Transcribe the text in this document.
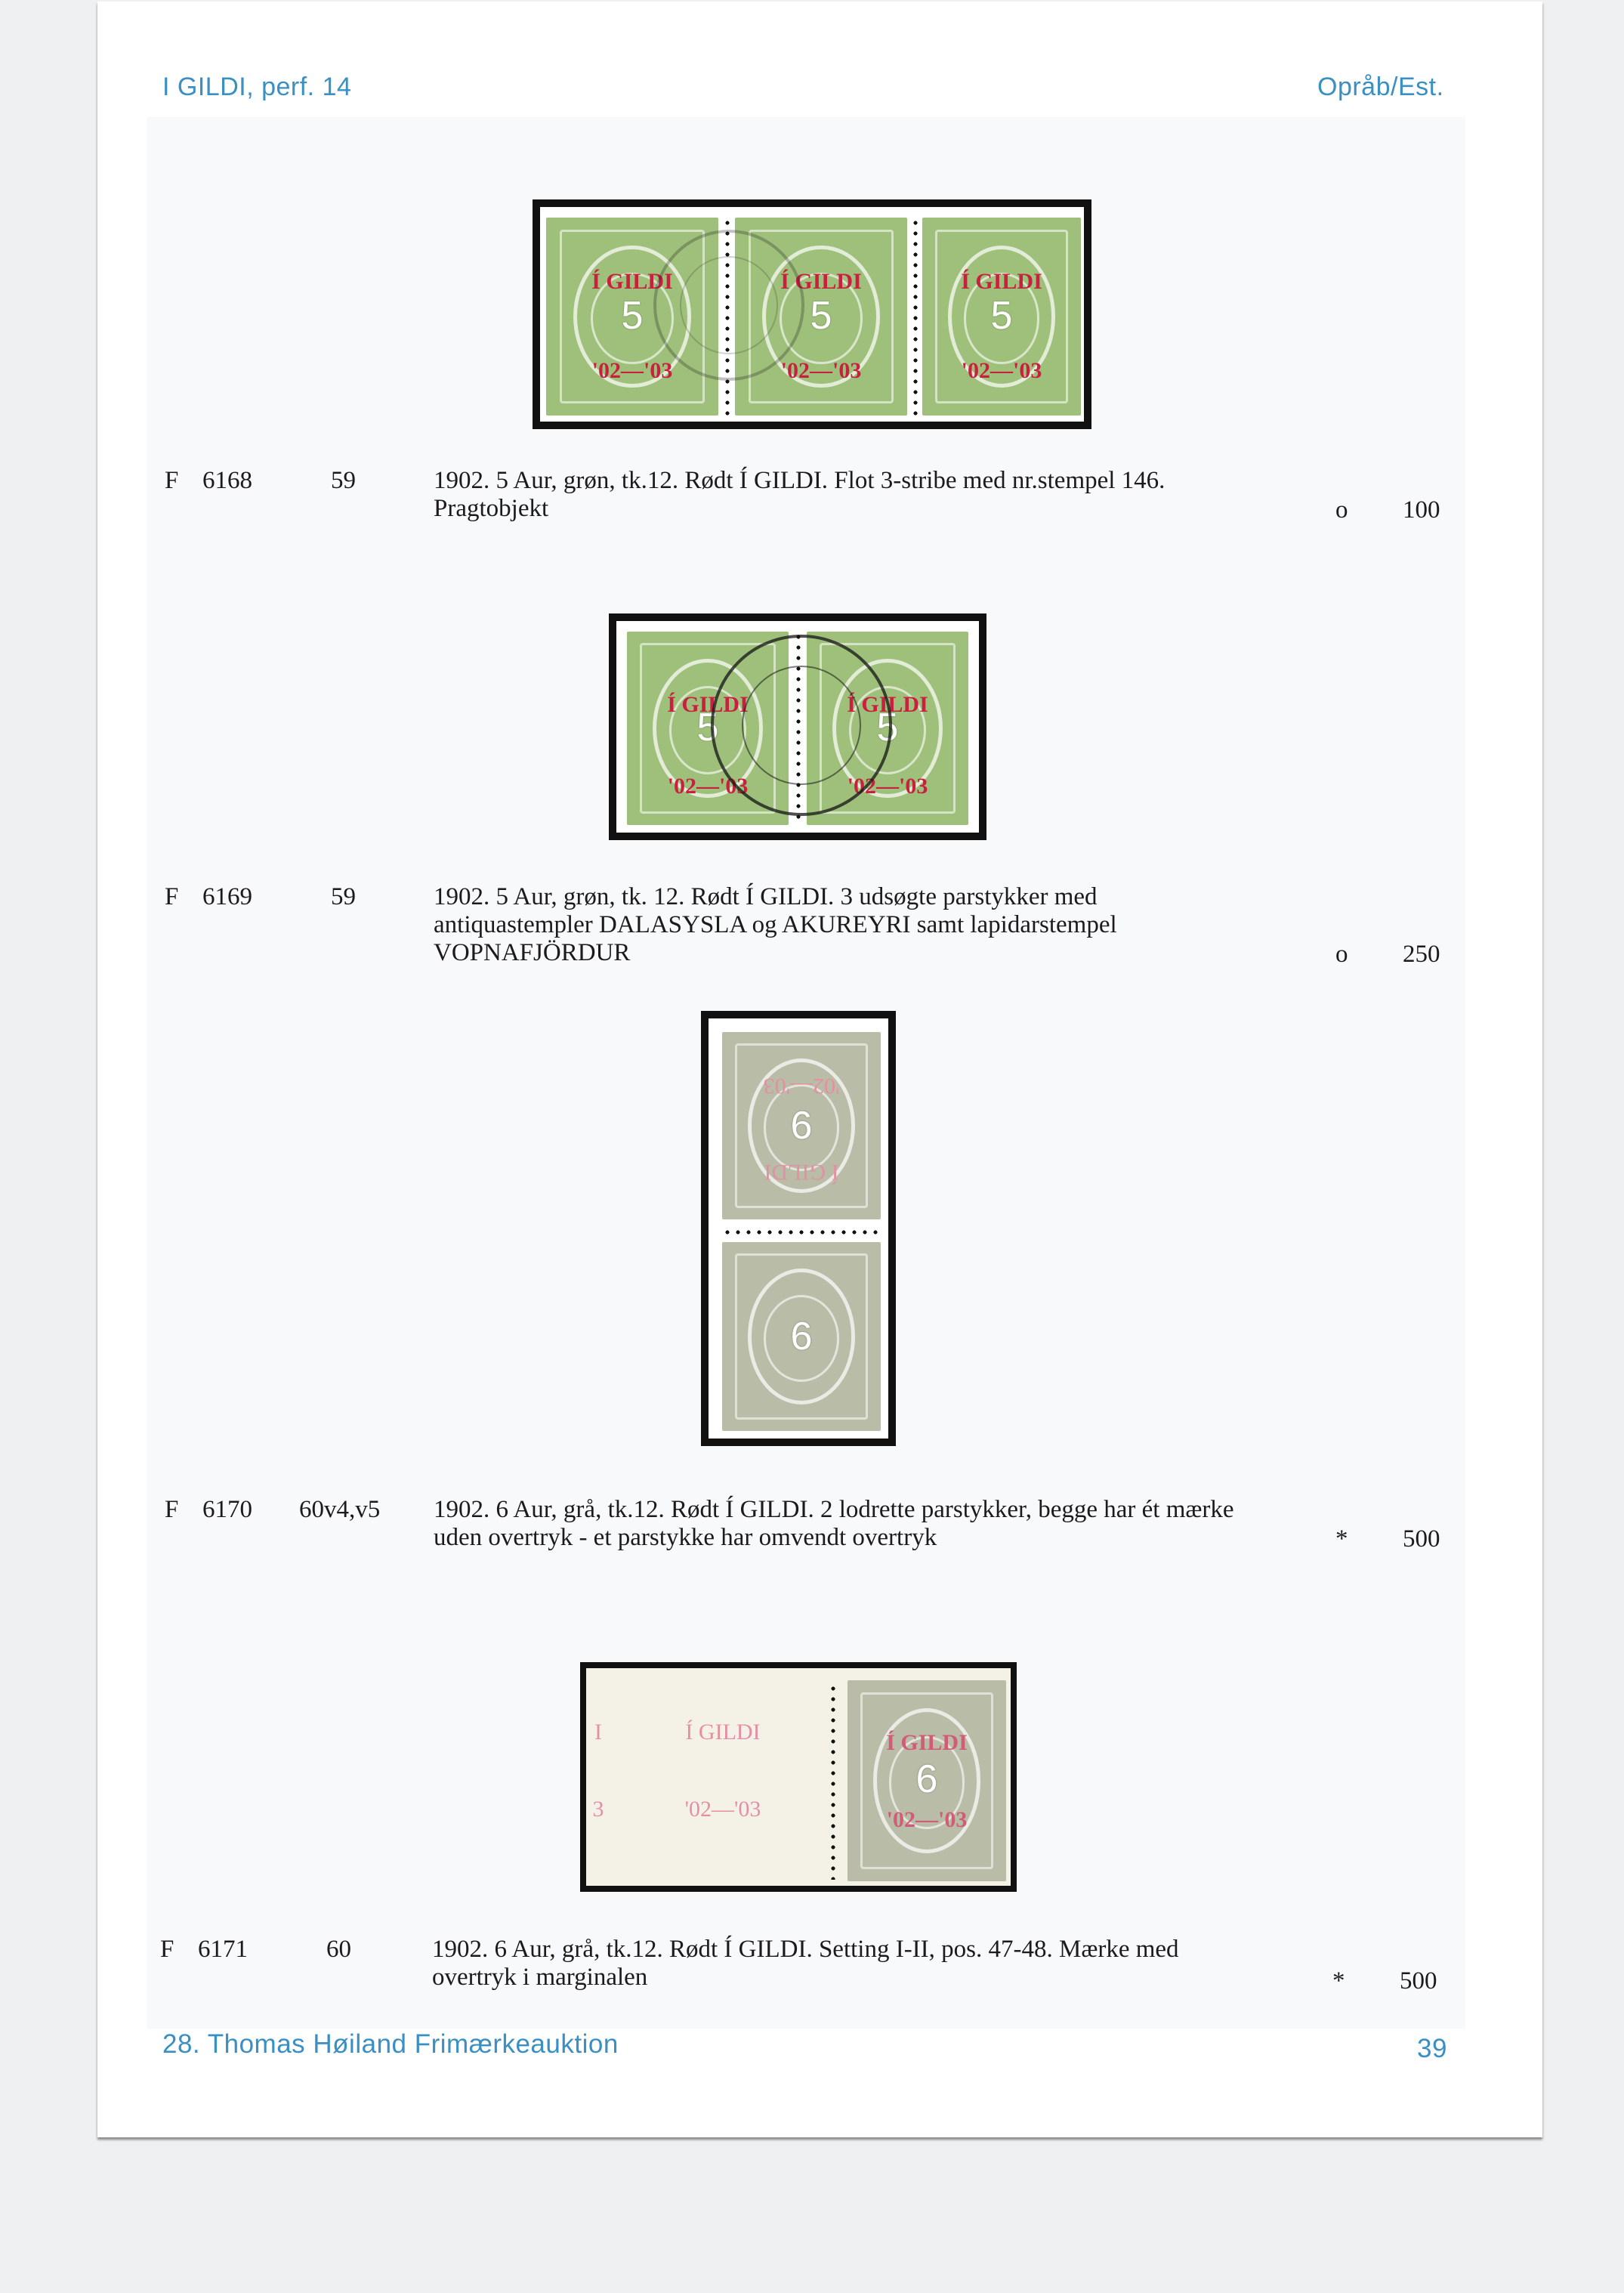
I GILDI, perf. 14	Opråb/Est.
5
Í GILDI
'02—'03
5
Í GILDI
'02—'03
5
Í GILDI
'02—'03
F 6168	59	1902. 5 Aur, grøn, tk.12. Rødt Í GILDI. Flot 3-stribe med nr.stempel 146.
Pragtobjekt	o 100
5
Í GILDI
'02—'03
5
Í GILDI
'02—'03
F 6169	59	1902. 5 Aur, grøn, tk. 12. Rødt Í GILDI. 3 udsøgte parstykker med
antiquastempler DALASYSLA og AKUREYRI samt lapidarstempel
VOPNAFJÖRDUR	o 250
6
'02—'03
Í GILDI
6
F 6170 60v4,v5 1902. 6 Aur, grå, tk.12. Rødt Í GILDI. 2 lodrette parstykker, begge har ét mærke
uden overtryk - et parstykke har omvendt overtryk	* 500
I
3
Í GILDI
'02—'03
6
Í GILDI
'02—'03
F 6171	60	1902. 6 Aur, grå, tk.12. Rødt Í GILDI. Setting I-II, pos. 47-48. Mærke med
overtryk i marginalen	* 500
28. Thomas Høiland Frimærkeauktion	39
